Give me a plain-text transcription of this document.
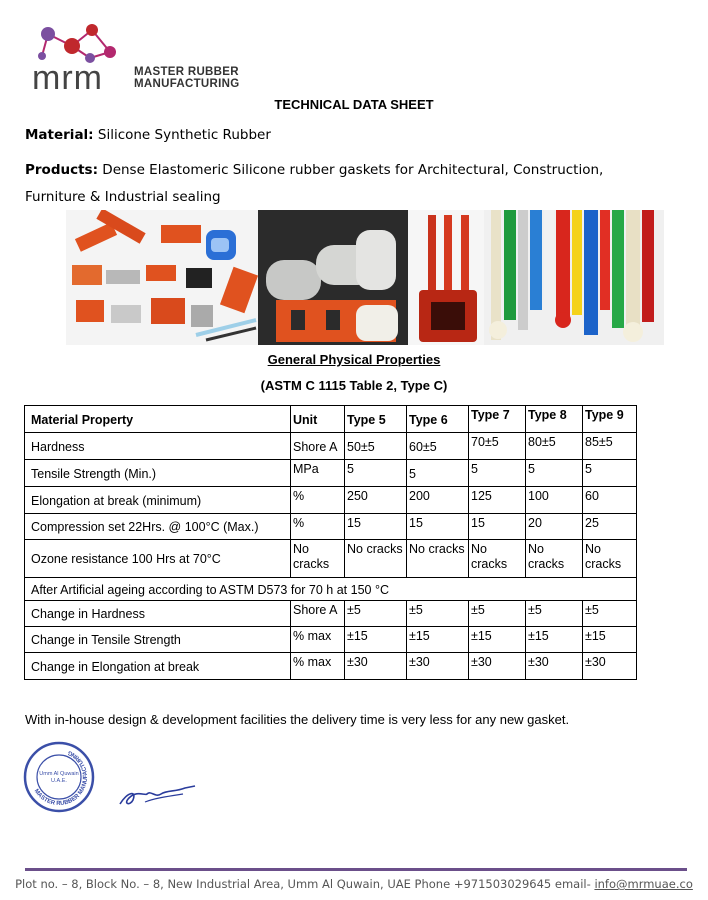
mrm	MASTER RUBBER
MANUFACTURING
TECHNICAL DATA SHEET
Material: Silicone Synthetic Rubber
Products: Dense Elastomeric Silicone rubber gaskets for Architectural, Construction, Furniture & Industrial sealing
General Physical Properties
(ASTM C 1115 Table 2, Type C)
Material Property	Unit	Type 5	Type 6	Type 7	Type 8	Type 9
Hardness	Shore A	50±5	60±5	70±5	80±5	85±5
Tensile Strength (Min.)	MPa	5	5	5	5	5
Elongation at break (minimum)	%	250	200	125	100	60
Compression set 22Hrs. @ 100°C (Max.)	%	15	15	15	20	25
Ozone resistance 100 Hrs at 70°C	No cracks	No cracks	No cracks	No cracks	No cracks	No cracks
After Artificial ageing according to ASTM D573 for 70 h at 150 °C						
Change in Hardness	Shore A	±5	±5	±5	±5	±5
Change in Tensile Strength	% max	±15	±15	±15	±15	±15
Change in Elongation at break	% max	±30	±30	±30	±30	±30
With in-house design & development facilities the delivery time is very less for any new gasket.
MASTER RUBBER MANUFACTURING
Umm Al Quwain
U.A.E.
Plot no. – 8, Block No. – 8, New Industrial Area, Umm Al Quwain, UAE Phone +971503029645 email- info@mrmuae.co
